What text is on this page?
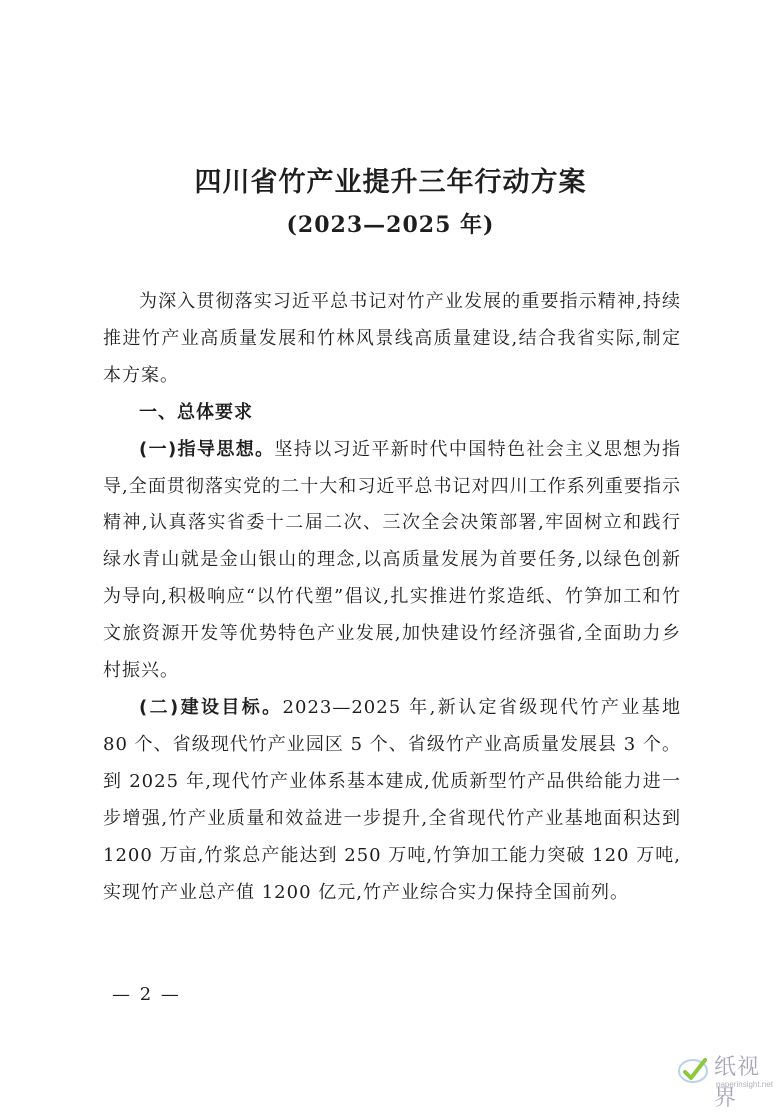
四川省竹产业提升三年行动方案
(2023—2025 年)

为深入贯彻落实习近平总书记对竹产业发展的重要指示精神,持续推进竹产业高质量发展和竹林风景线高质量建设,结合我省实际,制定本方案。

一、总体要求

(一)指导思想。坚持以习近平新时代中国特色社会主义思想为指导,全面贯彻落实党的二十大和习近平总书记对四川工作系列重要指示精神,认真落实省委十二届二次、三次全会决策部署,牢固树立和践行绿水青山就是金山银山的理念,以高质量发展为首要任务,以绿色创新为导向,积极响应“以竹代塑”倡议,扎实推进竹浆造纸、竹笋加工和竹文旅资源开发等优势特色产业发展,加快建设竹经济强省,全面助力乡村振兴。

(二)建设目标。2023—2025 年,新认定省级现代竹产业基地 80 个、省级现代竹产业园区 5 个、省级竹产业高质量发展县 3 个。到 2025 年,现代竹产业体系基本建成,优质新型竹产品供给能力进一步增强,竹产业质量和效益进一步提升,全省现代竹产业基地面积达到 1200 万亩,竹浆总产能达到 250 万吨,竹笋加工能力突破 120 万吨,实现竹产业总产值 1200 亿元,竹产业综合实力保持全国前列。

— 2 —
纸视界
paperinsight.net
